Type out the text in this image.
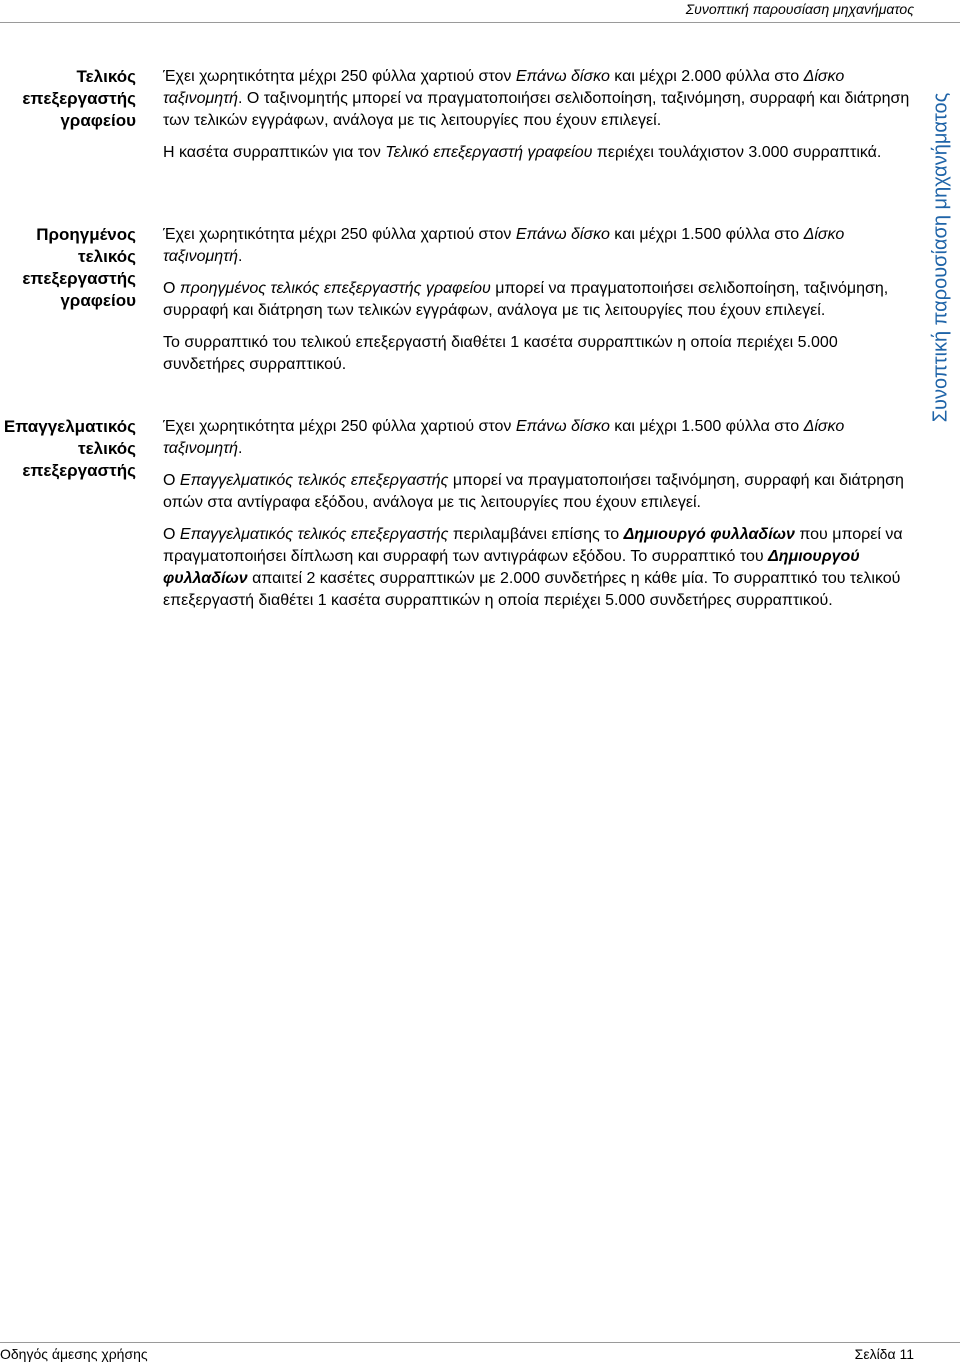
Συνοπτική παρουσίαση μηχανήματος
Συνοπτική παρουσίαση μηχανήματος
Τελικός
επεξεργαστής
γραφείου

Έχει χωρητικότητα μέχρι 250 φύλλα χαρτιού στον Επάνω δίσκο και μέχρι 2.000 φύλλα στο Δίσκο ταξινομητή. Ο ταξινομητής μπορεί να πραγματοποιήσει σελιδοποίηση, ταξινόμηση, συρραφή και διάτρηση των τελικών εγγράφων, ανάλογα με τις λειτουργίες που έχουν επιλεγεί.

Η κασέτα συρραπτικών για τον Τελικό επεξεργαστή γραφείου περιέχει τουλάχιστον 3.000 συρραπτικά.

Προηγμένος
τελικός
επεξεργαστής
γραφείου

Έχει χωρητικότητα μέχρι 250 φύλλα χαρτιού στον Επάνω δίσκο και μέχρι 1.500 φύλλα στο Δίσκο ταξινομητή.

Ο προηγμένος τελικός επεξεργαστής γραφείου μπορεί να πραγματοποιήσει σελιδοποίηση, ταξινόμηση, συρραφή και διάτρηση των τελικών εγγράφων, ανάλογα με τις λειτουργίες που έχουν επιλεγεί.

Το συρραπτικό του τελικού επεξεργαστή διαθέτει 1 κασέτα συρραπτικών η οποία περιέχει 5.000 συνδετήρες συρραπτικού.

Επαγγελματικός
τελικός
επεξεργαστής

Έχει χωρητικότητα μέχρι 250 φύλλα χαρτιού στον Επάνω δίσκο και μέχρι 1.500 φύλλα στο Δίσκο ταξινομητή.

Ο Επαγγελματικός τελικός επεξεργαστής μπορεί να πραγματοποιήσει ταξινόμηση, συρραφή και διάτρηση οπών στα αντίγραφα εξόδου, ανάλογα με τις λειτουργίες που έχουν επιλεγεί.

Ο Επαγγελματικός τελικός επεξεργαστής περιλαμβάνει επίσης το Δημιουργό φυλλαδίων που μπορεί να πραγματοποιήσει δίπλωση και συρραφή των αντιγράφων εξόδου. Το συρραπτικό του Δημιουργού φυλλαδίων απαιτεί 2 κασέτες συρραπτικών με 2.000 συνδετήρες η κάθε μία. Το συρραπτικό του τελικού επεξεργαστή διαθέτει 1 κασέτα συρραπτικών η οποία περιέχει 5.000 συνδετήρες συρραπτικού.

Οδηγός άμεσης χρήσης	Σελίδα 11
